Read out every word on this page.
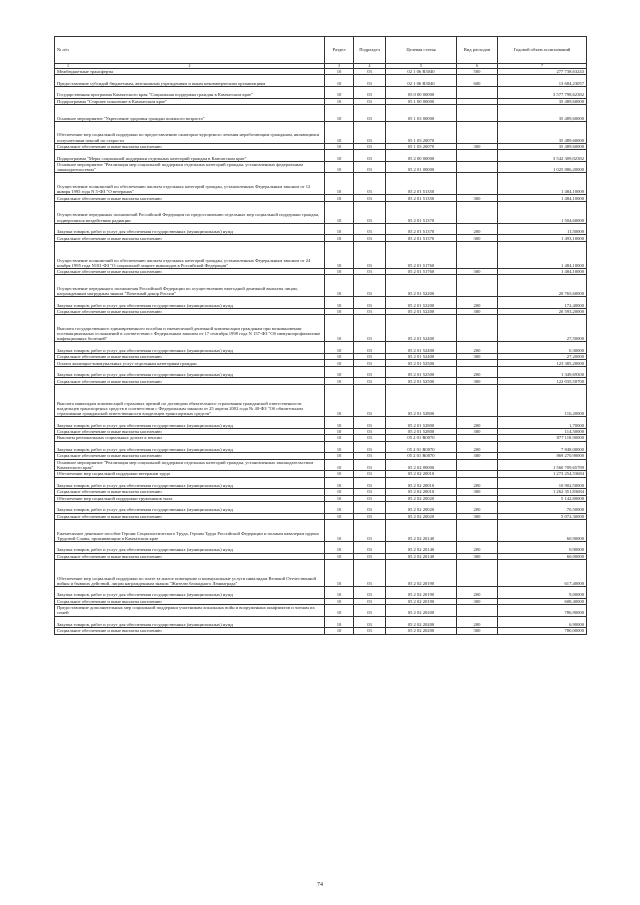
№ п/п	Раздел	Подраздел	Целевая статья	Вид расходов	Годовой объем ассигнований

1 2	3	4	5	6	7
Межбюджетные трансферты	10	03	02 1 06 R3040	500	277 738,63243
Предоставление субсидий бюджетным, автономным учреждениям и иным некоммерческим организациям	10	03	02 1 06 R3040	600	13 684,23057
Государственная программа Камчатского края "Социальная поддержка граждан в Камчатском крае"	10	03	05 0 00 00000		3 577 798,62382
Подпрограмма "Старшее поколение в Камчатском крае"	10	03	05 1 00 00000		35 489,60000
Основное мероприятие "Укрепление здоровья граждан пожилого возраста"	10	03	05 1 03 00000		35 489,60000
Обеспечение мер социальной поддержки по предоставлению санаторно-курортного лечения неработающим гражданам, являющимся получателями пенсий по старости	10	03	05 1 03 20070		35 489,60000
Социальное обеспечение и иные выплаты населению	10	03	05 1 03 20070	300	35 489,60000
Подпрограмма "Меры социальной поддержки отдельных категорий граждан в Камчатском крае"	10	03	05 2 00 00000		3 542 309,02382
Основное мероприятие "Реализация мер социальной поддержки отдельных категорий граждан, установленных федеральным законодательством"	10	03	05 2 01 00000		1 025 886,20000
Осуществление полномочий по обеспечению жильем отдельных категорий граждан, установленных Федеральным законом от 12 января 1995 года N 5-ФЗ "О ветеранах"	10	03	05 2 01 51350		1 484,10000
Социальное обеспечение и иные выплаты населению	10	03	05 2 01 51350	300	1 484,10000
Осуществление переданных полномочий Российской Федерации по предоставлению отдельных мер социальной поддержки граждан, подвергшихся воздействию радиации	10	03	05 2 01 51370		1 504,60000
Закупка товаров, работ и услуг для обеспечения государственных (муниципальных) нужд	10	03	05 2 01 51370	200	11,50000
Социальное обеспечение и иные выплаты населению	10	03	05 2 01 51370	300	1 493,10000
Осуществление полномочий по обеспечению жильем отдельных категорий граждан, установленных Федеральным законом от 24 ноября 1995 года N181-ФЗ "О социальной защите инвалидов в Российской Федерации"	10	03	05 2 01 51760		1 484,10000
Социальное обеспечение и иные выплаты населению	10	03	05 2 01 51760	300	1 484,10000
Осуществление переданного полномочия Российской Федерации по осуществлению ежегодной денежной выплаты лицам, награжденным нагрудным знаком "Почетный донор России"	10	03	05 2 01 52200		20 765,60000
Закупка товаров, работ и услуг для обеспечения государственных (муниципальных) нужд	10	03	05 2 01 52200	200	172,40000
Социальное обеспечение и иные выплаты населению	10	03	05 2 01 52200	300	20 593,20000
Выплата государственного единовременного пособия и ежемесячной денежной компенсации гражданам при возникновении поствакцинальных осложнений в соответствии с Федеральным законом от 17 сентября 1998 года N 157-ФЗ "Об иммунопрофилактике инфекционных болезней"	10	03	05 2 01 52400		27,50000
Закупка товаров, работ и услуг для обеспечения государственных (муниципальных) нужд	10	03	05 2 01 52400	200	0,30000
Социальное обеспечение и иные выплаты населению	10	03	05 2 01 52400	300	27,20000
Оплата жилищно-коммунальных услуг отдельным категориям граждан	10	03	05 2 01 52500		123 385,20000
Закупка товаров, работ и услуг для обеспечения государственных (муниципальных) нужд	10	03	05 2 01 52500	200	1 349,69300
Социальное обеспечение и иные выплаты населению	10	03	05 2 01 52500	300	122 035,50700
Выплата инвалидам компенсаций страховых премий по договорам обязательного страхования гражданской ответственности владельцев транспортных средств в соответствии с Федеральным законом от 25 апреля 2002 года № 40-ФЗ "Об обязательном страховании гражданской ответственности владельцев транспортных средств"	10	03	05 2 01 52800		116,20000
Закупка товаров, работ и услуг для обеспечения государственных (муниципальных) нужд	10	03	05 2 01 52800	200	1,70000
Социальное обеспечение и иные выплаты населению	10	03	05 2 01 52800	300	114,50000
Выплаты регионалъных социальных доплат к пенсии	10	03	05 2 01 R0070		877 118,90000
Закупка товаров, работ и услуг для обеспечения государственных (муниципальных) нужд	10	03	05 2 01 R0070	200	7 848,00000
Социальное обеспечение и иные выплаты населению	10	03	05 2 01 R0070	300	869 270,90000
Основное мероприятие "Реализация мер социальной поддержки отдельных категорий граждан, установленных законодательством Камчатского края"	10	03	05 2 02 00000		1 560 709,65789
Обеспечение мер социальной поддержки ветеранов труда	10	03	05 2 02 20010		1 273 254,53684
Закупка товаров, работ и услуг для обеспечения государственных (муниципальных) нужд	10	03	05 2 02 20010	200	10 902,50000
Социальное обеспечение и иные выплаты населению	10	03	05 2 02 20010	300	1 262 351,83684
Обеспечение мер социальной поддержки тружеников тыла	10	03	05 2 02 20020		5 142,80000
Закупка товаров, работ и услуг для обеспечения государственных (муниципальных) нужд	10	03	05 2 02 20020	200	70,50000
Социальное обеспечение и иные выплаты населению	10	03	05 2 02 20020	300	5 072,30000
Ежемесячное денежное пособие Героям Социалистического Труда, Героям Труда Российской Федерации и полным кавалерам ордена Трудовой Славы, проживающим в Камчатском крае	10	03	05 2 02 20140		60,90000
Закупка товаров, работ и услуг для обеспечения государственных (муниципальных) нужд	10	03	05 2 02 20140	200	0,90000
Социальное обеспечение и иные выплаты населению	10	03	05 2 02 20140	300	60,00000
Обеспечение мер социальной поддержки по плате за жилое помещение и коммунальные услуги инвалидам Великой Отечественной войны и бывших действий, лицам награжденным знаком "Жителю блокадного Ленинграда"	10	03	05 2 02 20190		617,40000
Закупка товаров, работ и услуг для обеспечения государственных (муниципальных) нужд	10	03	05 2 02 20190	200	9,00000
Социальное обеспечение и иные выплаты населению	10	03	05 2 02 20190	300	608,40000
Предоставление дополнительных мер социальной поддержки участникам локальных войн и вооруженных конфликтов и членам их семей	10	03	05 2 02 20200		786,90000
Закупка товаров, работ и услуг для обеспечения государственных (муниципальных) нужд	10	03	05 2 02 20200	200	6,90000
Социальное обеспечение и иные выплаты населению	10	03	05 2 02 20200	300	780,00000
74
